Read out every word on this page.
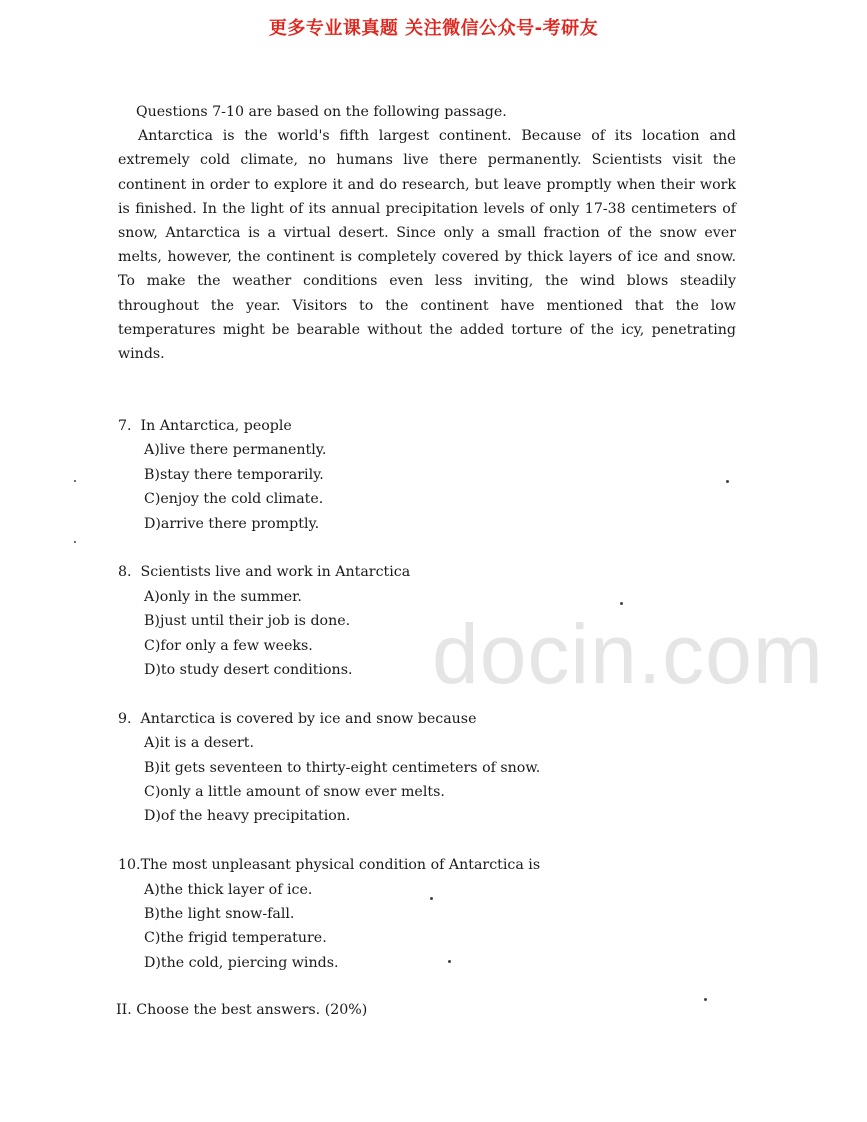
更多专业课真题 关注微信公众号-考研友
docin.com
Questions 7-10 are based on the following passage.

Antarctica is the world's fifth largest continent. Because of its location and extremely cold climate, no humans live there permanently. Scientists visit the continent in order to explore it and do research, but leave promptly when their work is finished. In the light of its annual precipitation levels of only 17-38 centimeters of snow, Antarctica is a virtual desert. Since only a small fraction of the snow ever melts, however, the continent is completely covered by thick layers of ice and snow. To make the weather conditions even less inviting, the wind blows steadily throughout the year. Visitors to the continent have mentioned that the low temperatures might be bearable without the added torture of the icy, penetrating winds.

7.  In Antarctica, people
A)live there permanently.
B)stay there temporarily.
C)enjoy the cold climate.
D)arrive there promptly.
8.  Scientists live and work in Antarctica
A)only in the summer.
B)just until their job is done.
C)for only a few weeks.
D)to study desert conditions.
9.  Antarctica is covered by ice and snow because
A)it is a desert.
B)it gets seventeen to thirty-eight centimeters of snow.
C)only a little amount of snow ever melts.
D)of the heavy precipitation.
10.The most unpleasant physical condition of Antarctica is
A)the thick layer of ice.
B)the light snow-fall.
C)the frigid temperature.
D)the cold, piercing winds.
II. Choose the best answers. (20%)
